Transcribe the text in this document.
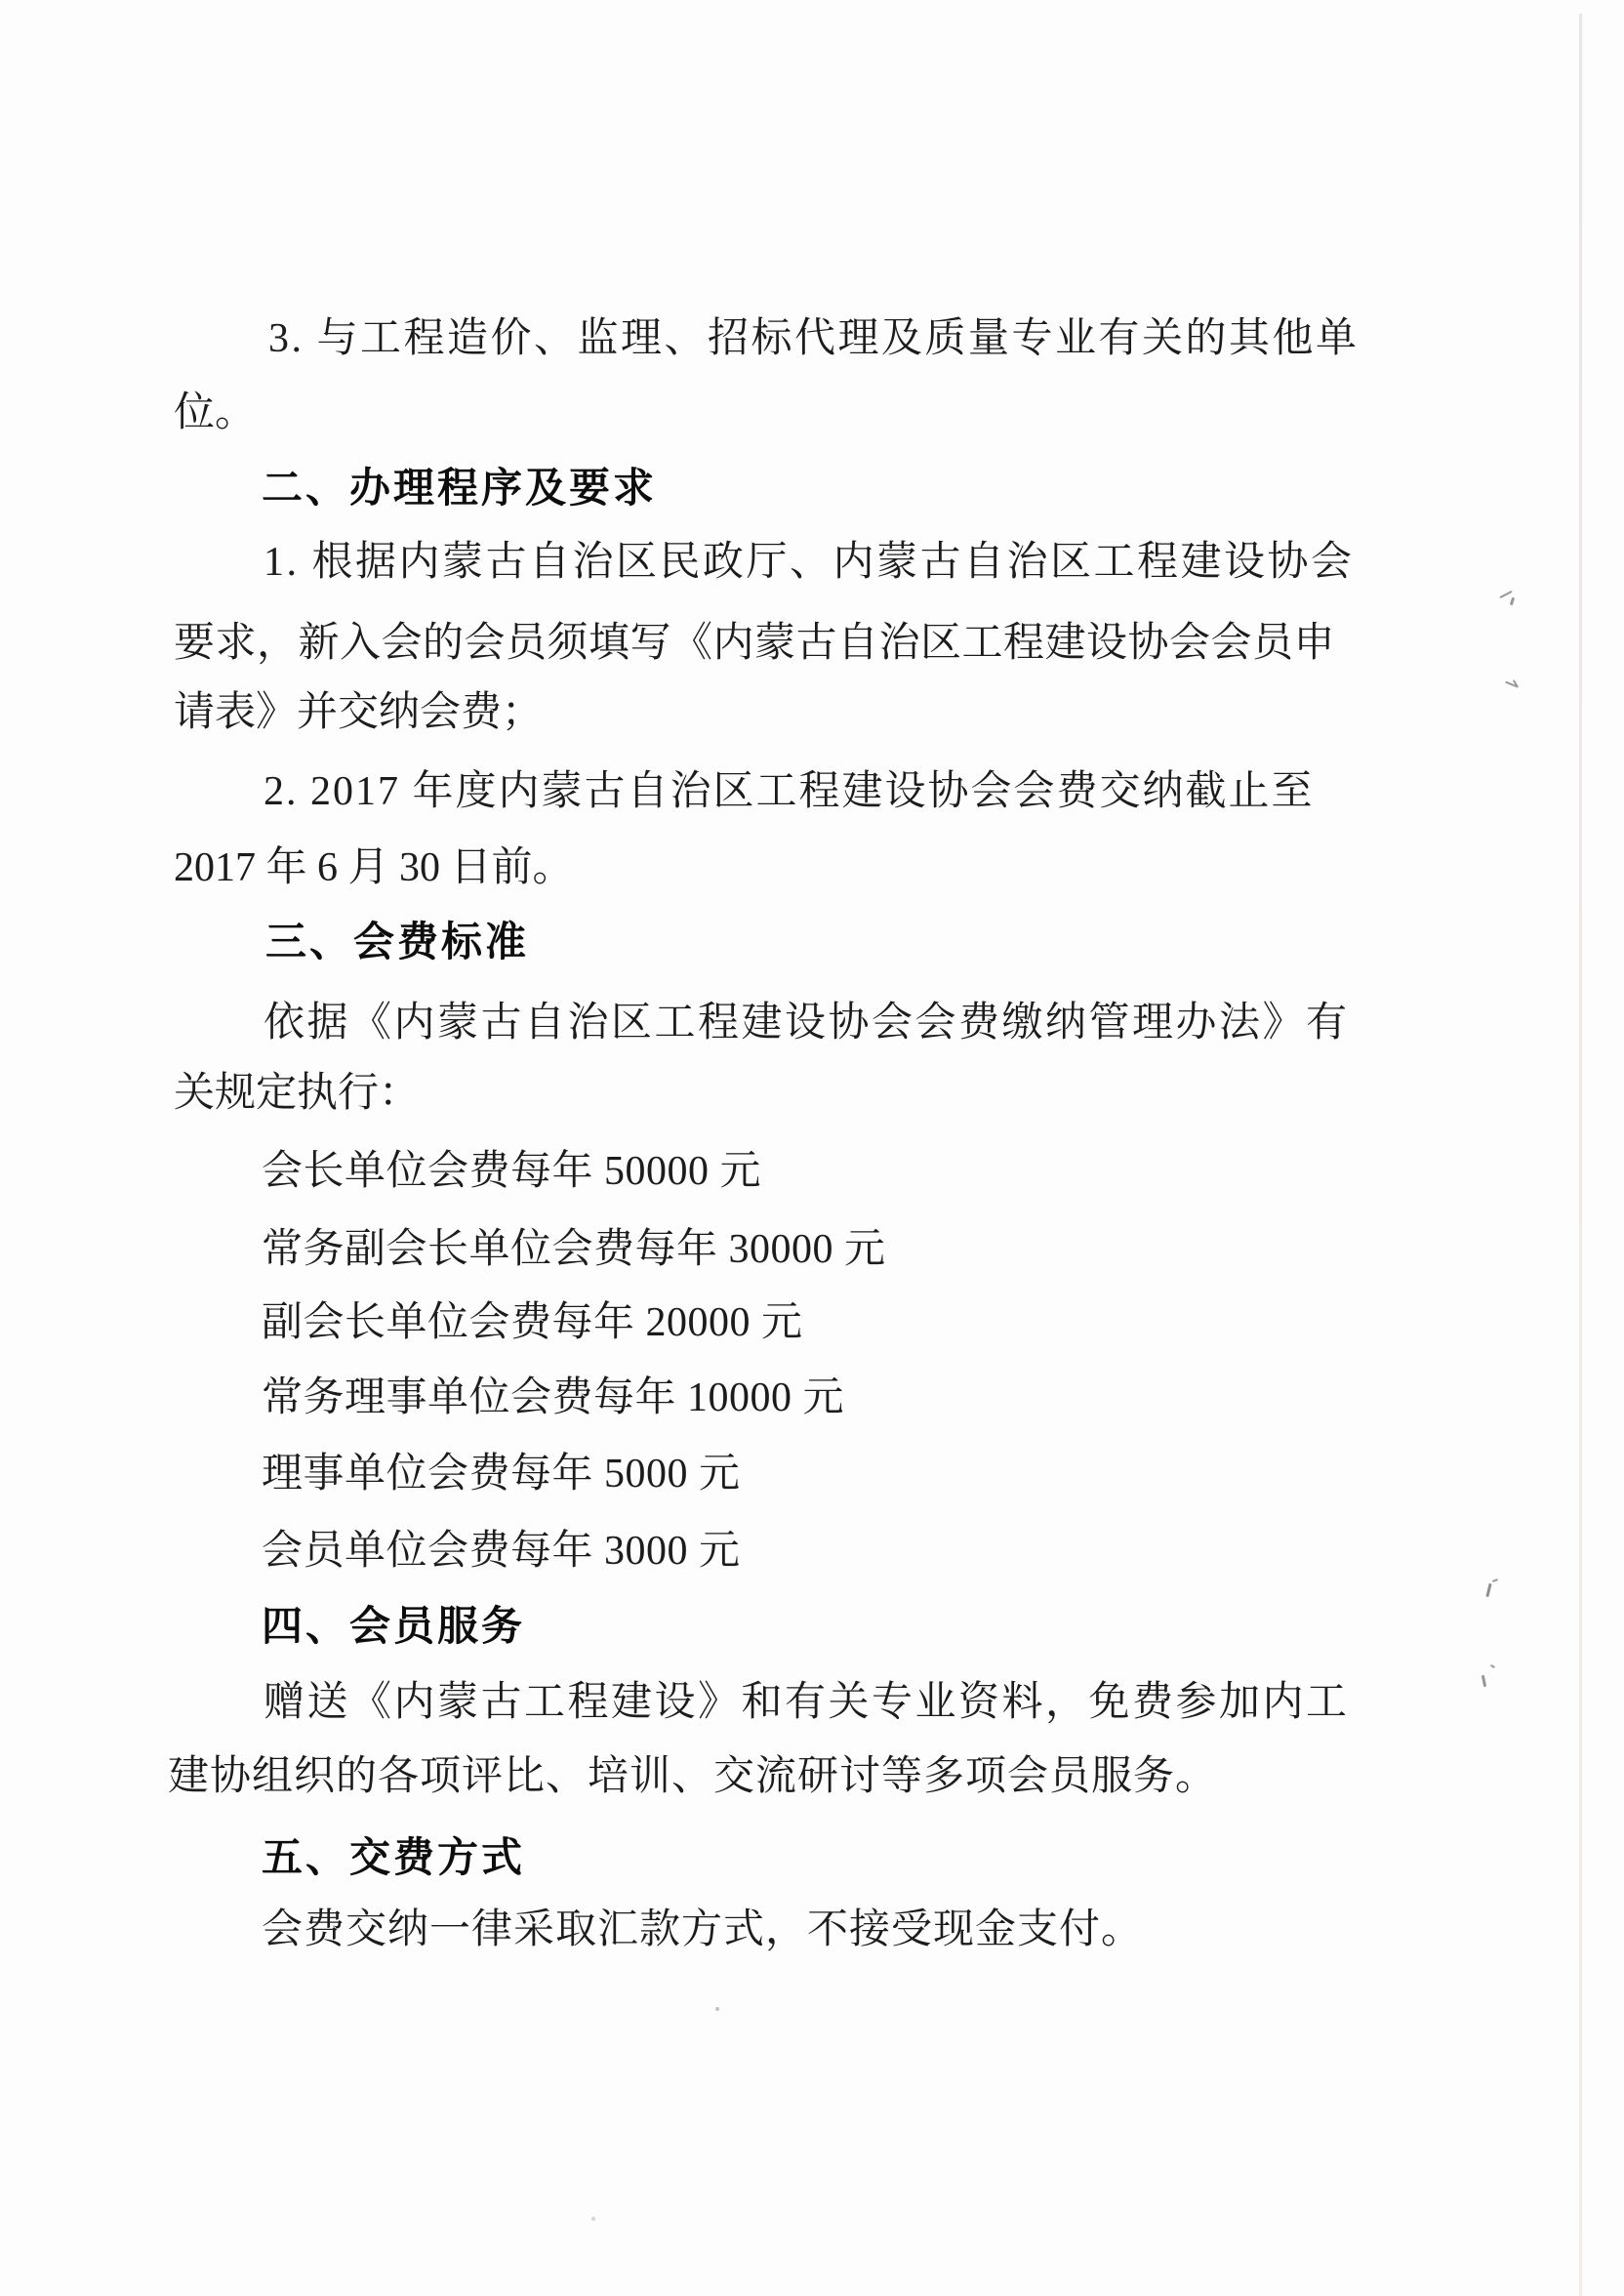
3. 与工程造价、监理、招标代理及质量专业有关的其他单
位。
二、办理程序及要求
1. 根据内蒙古自治区民政厅、内蒙古自治区工程建设协会
要求，新入会的会员须填写《内蒙古自治区工程建设协会会员申
请表》并交纳会费；
2. 2017 年度内蒙古自治区工程建设协会会费交纳截止至
2017 年 6 月 30 日前。
三、会费标准
依据《内蒙古自治区工程建设协会会费缴纳管理办法》有
关规定执行：
会长单位会费每年 50000 元
常务副会长单位会费每年 30000 元
副会长单位会费每年 20000 元
常务理事单位会费每年 10000 元
理事单位会费每年 5000 元
会员单位会费每年 3000 元
四、会员服务
赠送《内蒙古工程建设》和有关专业资料，免费参加内工
建协组织的各项评比、培训、交流研讨等多项会员服务。
五、交费方式
会费交纳一律采取汇款方式，不接受现金支付。
